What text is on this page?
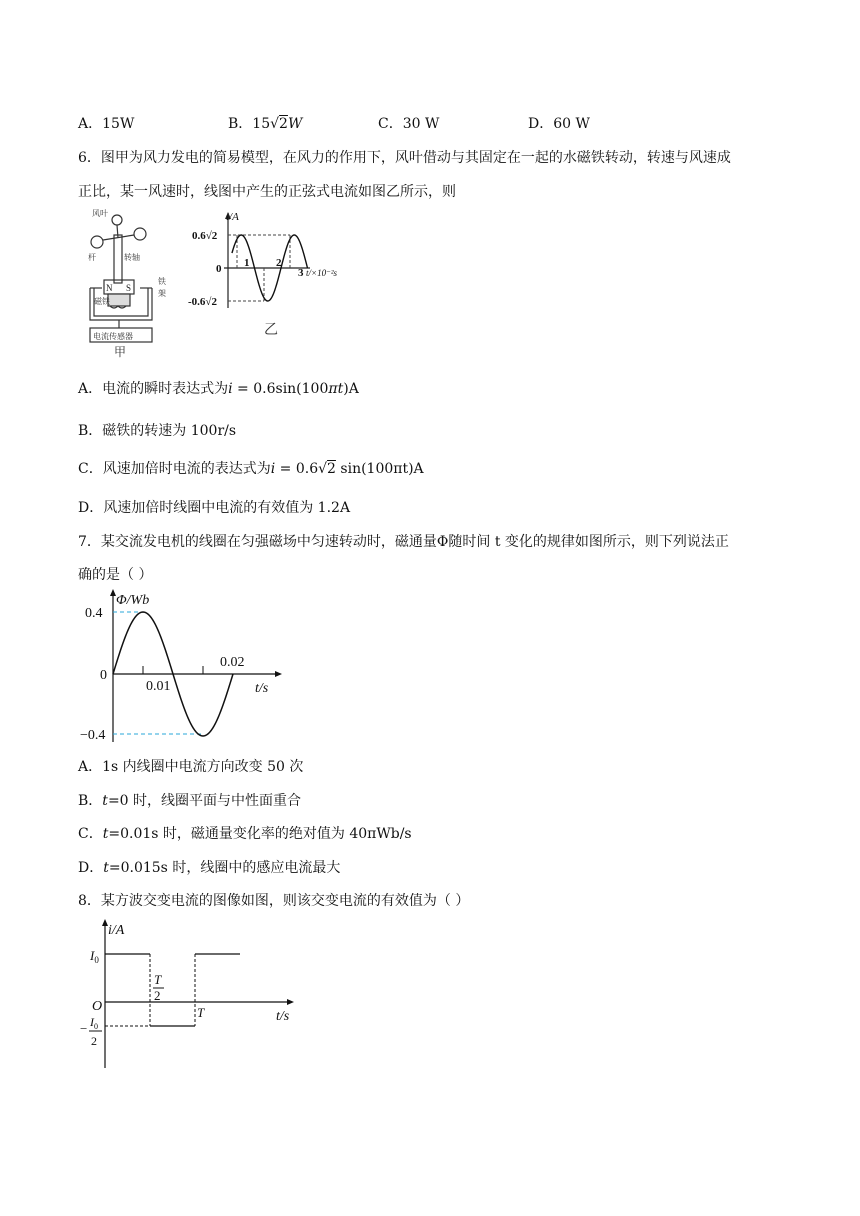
A．15W	B．15√2W	C．30 W	D．60 W
6．图甲为风力发电的简易模型，在风力的作用下，风叶借动与其固定在一起的水磁铁转动，转速与风速成
正比，某一风速时，线图中产生的正弦式电流如图乙所示，则
风叶
杆	转轴
N S
铁
架
磁铁
电流传感器
甲
i/A
0.6√2
0
-0.6√2
1 2
3 t/×10⁻²s
乙
A．电流的瞬时表达式为i = 0.6sin(100πt)A
B．磁铁的转速为 100r/s
C．风速加倍时电流的表达式为i = 0.6√2 sin(100πt)A
D．风速加倍时线圈中电流的有效值为 1.2A
7．某交流发电机的线圈在匀强磁场中匀速转动时，磁通量Φ随时间 t 变化的规律如图所示，则下列说法正
确的是（ ）
Φ/Wb
0.4
0
−0.4
0.01
0.02
t/s
A．1s 内线圈中电流方向改变 50 次
B．t=0 时，线圈平面与中性面重合
C．t=0.01s 时，磁通量变化率的绝对值为 40πWb/s
D．t=0.015s 时，线圈中的感应电流最大
8．某方波交变电流的图像如图，则该交变电流的有效值为（ ）
i/A
$I_0$
O
T
2
T
− $I_0$
2
t/s
